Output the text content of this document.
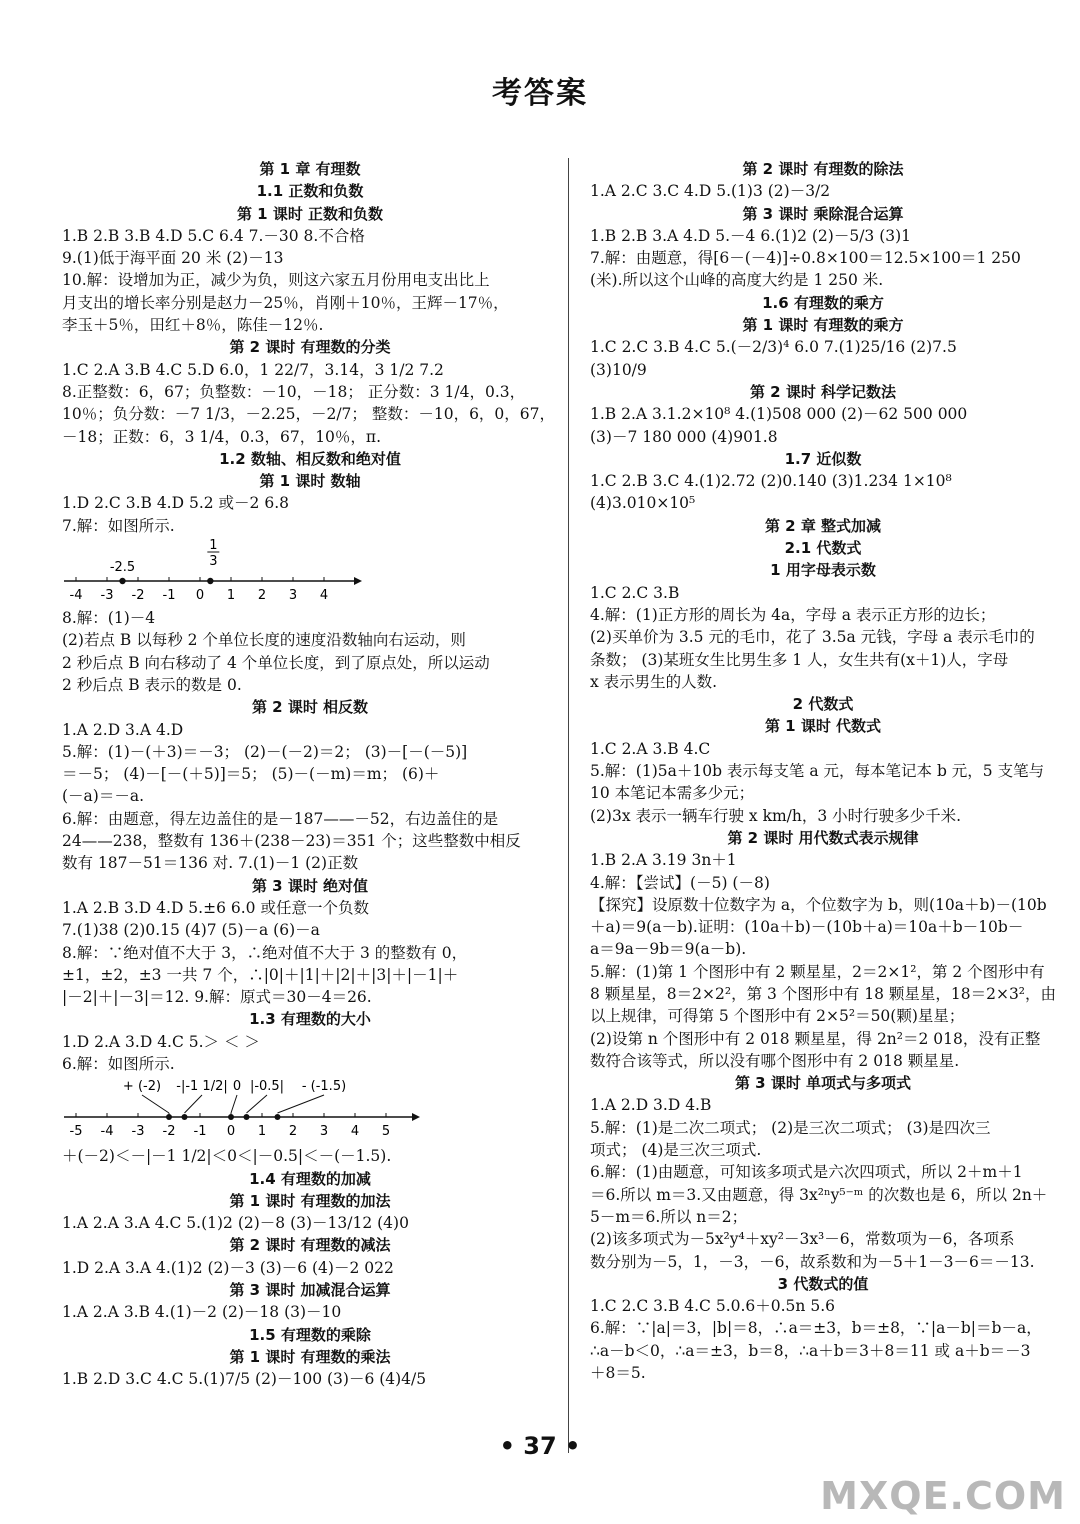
考答案
第 1 章 有理数
1.1 正数和负数
第 1 课时 正数和负数
1.B 2.B 3.B 4.D 5.C 6.4 7.－30 8.不合格
9.(1)低于海平面 20 米 (2)－13
10.解：设增加为正，减少为负，则这六家五月份用电支出比上
月支出的增长率分别是赵力－25％，肖刚＋10％，王辉－17％，
李玉＋5％，田红＋8％，陈佳－12％.
第 2 课时 有理数的分类
1.C 2.A 3.B 4.C 5.D 6.0，1 22/7，3.14，3 1/2 7.2
8.正整数：6，67；负整数：－10，－18； 正分数：3 1/4，0.3，
10％；负分数：－7 1/3，－2.25，－2/7； 整数：－10，6，0，67，
－18；正数：6，3 1/4，0.3，67，10％，π.
1.2 数轴、相反数和绝对值
第 1 课时 数轴
1.D 2.C 3.B 4.D 5.2 或－2 6.8
7.解：如图所示.
-4 -3 -2 -1 0 1 2 3 4
-2.5
1
3
8.解：(1)－4
(2)若点 B 以每秒 2 个单位长度的速度沿数轴向右运动，则
2 秒后点 B 向右移动了 4 个单位长度，到了原点处，所以运动
2 秒后点 B 表示的数是 0.
第 2 课时 相反数
1.A 2.D 3.A 4.D
5.解：(1)－(＋3)＝－3； (2)－(－2)＝2； (3)－[－(－5)]
＝－5； (4)－[－(＋5)]＝5； (5)－(－m)＝m； (6)＋
(－a)＝－a.
6.解：由题意，得左边盖住的是－187——－52，右边盖住的是
24——238，整数有 136＋(238－23)＝351 个；这些整数中相反
数有 187－51＝136 对. 7.(1)－1 (2)正数
第 3 课时 绝对值
1.A 2.B 3.D 4.D 5.±6 6.0 或任意一个负数
7.(1)38 (2)0.15 (4)7 (5)－a (6)－a
8.解：∵绝对值不大于 3，∴绝对值不大于 3 的整数有 0，
±1，±2，±3 一共 7 个，∴|0|＋|1|＋|2|＋|3|＋|－1|＋
|－2|＋|－3|＝12. 9.解：原式＝30－4＝26.
1.3 有理数的大小
1.D 2.A 3.D 4.C 5.＞ ＜ ＞
6.解：如图所示.
-5 -4 -3 -2 -1 0 1 2 3 4 5
+ (-2) -|-1 1/2| 0 |-0.5| - (-1.5)
＋(－2)＜－|－1 1/2|＜0＜|－0.5|＜－(－1.5).
1.4 有理数的加减
第 1 课时 有理数的加法
1.A 2.A 3.A 4.C 5.(1)2 (2)－8 (3)－13/12 (4)0
第 2 课时 有理数的减法
1.D 2.A 3.A 4.(1)2 (2)－3 (3)－6 (4)－2 022
第 3 课时 加减混合运算
1.A 2.A 3.B 4.(1)－2 (2)－18 (3)－10
1.5 有理数的乘除
第 1 课时 有理数的乘法
1.B 2.D 3.C 4.C 5.(1)7/5 (2)－100 (3)－6 (4)4/5
第 2 课时 有理数的除法
1.A 2.C 3.C 4.D 5.(1)3 (2)－3/2
第 3 课时 乘除混合运算
1.B 2.B 3.A 4.D 5.－4 6.(1)2 (2)－5/3 (3)1
7.解：由题意，得[6－(－4)]÷0.8×100＝12.5×100＝1 250
(米).所以这个山峰的高度大约是 1 250 米.
1.6 有理数的乘方
第 1 课时 有理数的乘方
1.C 2.C 3.B 4.C 5.(－2/3)⁴ 6.0 7.(1)25/16 (2)7.5
(3)10/9
第 2 课时 科学记数法
1.B 2.A 3.1.2×10⁸ 4.(1)508 000 (2)－62 500 000
(3)－7 180 000 (4)901.8
1.7 近似数
1.C 2.B 3.C 4.(1)2.72 (2)0.140 (3)1.234 1×10⁸
(4)3.010×10⁵
第 2 章 整式加减
2.1 代数式
1 用字母表示数
1.C 2.C 3.B
4.解：(1)正方形的周长为 4a，字母 a 表示正方形的边长；
(2)买单价为 3.5 元的毛巾，花了 3.5a 元钱，字母 a 表示毛巾的
条数； (3)某班女生比男生多 1 人，女生共有(x＋1)人，字母
x 表示男生的人数.
2 代数式
第 1 课时 代数式
1.C 2.A 3.B 4.C
5.解：(1)5a＋10b 表示每支笔 a 元，每本笔记本 b 元，5 支笔与
10 本笔记本需多少元；
(2)3x 表示一辆车行驶 x km/h，3 小时行驶多少千米.
第 2 课时 用代数式表示规律
1.B 2.A 3.19 3n＋1
4.解：【尝试】(－5) (－8)
【探究】设原数十位数字为 a，个位数字为 b，则(10a＋b)－(10b
＋a)＝9(a－b).证明：(10a＋b)－(10b＋a)＝10a＋b－10b－
a＝9a－9b＝9(a－b).
5.解：(1)第 1 个图形中有 2 颗星星，2＝2×1²，第 2 个图形中有
8 颗星星，8＝2×2²，第 3 个图形中有 18 颗星星，18＝2×3²，由
以上规律，可得第 5 个图形中有 2×5²＝50(颗)星星；
(2)设第 n 个图形中有 2 018 颗星星，得 2n²＝2 018，没有正整
数符合该等式，所以没有哪个图形中有 2 018 颗星星.
第 3 课时 单项式与多项式
1.A 2.D 3.D 4.B
5.解：(1)是二次二项式； (2)是三次二项式； (3)是四次三
项式； (4)是三次三项式.
6.解：(1)由题意，可知该多项式是六次四项式，所以 2＋m＋1
＝6.所以 m＝3.又由题意，得 3x²ⁿy⁵⁻ᵐ 的次数也是 6，所以 2n＋
5－m＝6.所以 n＝2；
(2)该多项式为－5x²y⁴＋xy²－3x³－6，常数项为－6，各项系
数分别为－5，1，－3，－6，故系数和为－5＋1－3－6＝－13.
3 代数式的值
1.C 2.C 3.B 4.C 5.0.6＋0.5n 5.6
6.解：∵|a|＝3，|b|＝8，∴a＝±3，b＝±8，∵|a－b|＝b－a，
∴a－b＜0，∴a＝±3，b＝8，∴a＋b＝3＋8＝11 或 a＋b＝－3
＋8＝5.
• 37 •
MXQE.COM
